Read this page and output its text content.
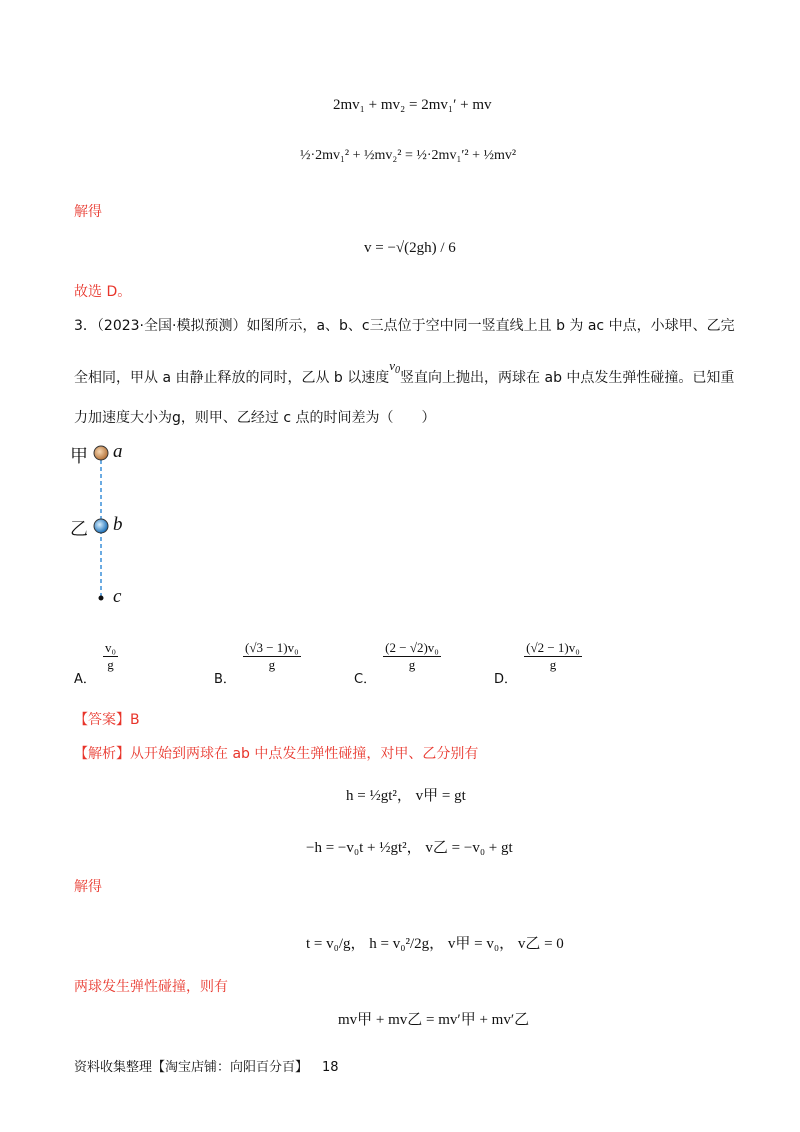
2mv₁ + mv₂ = 2mv₁′ + mv
½·2mv₁² + ½mv₂² = ½·2mv₁′² + ½mv²
解得
v = −√(2gh) / 6
故选 D。
3．（2023·全国·模拟预测）如图所示，a、b、c三点位于空中同一竖直线上且 b 为 ac 中点，小球甲、乙完
全相同，甲从 a 由静止释放的同时，乙从 b 以速度$v_0$竖直向上抛出，两球在 ab 中点发生弹性碰撞。已知重
力加速度大小为g，则甲、乙经过 c 点的时间差为（　　）
甲 a
乙 b
c
$_{A.}$
$\frac{\text{v₀}}{g}$
$_{B.}$
$\frac{\text{(√3 − 1)v₀}}{g}$
$_{C.}$
$\frac{\text{(2 − √2)v₀}}{g}$
$_{D.}$
$\frac{\text{(√2 − 1)v₀}}{g}$
【答案】B
【解析】从开始到两球在 ab 中点发生弹性碰撞，对甲、乙分别有
h = ½gt²， v甲 = gt
−h = −v₀t + ½gt²， v乙 = −v₀ + gt
解得
t = v₀/g， h = v₀²/2g， v甲 = v₀， v乙 = 0
两球发生弹性碰撞，则有
mv甲 + mv乙 = mv′甲 + mv′乙
资料收集整理【淘宝店铺：向阳百分百】 18
